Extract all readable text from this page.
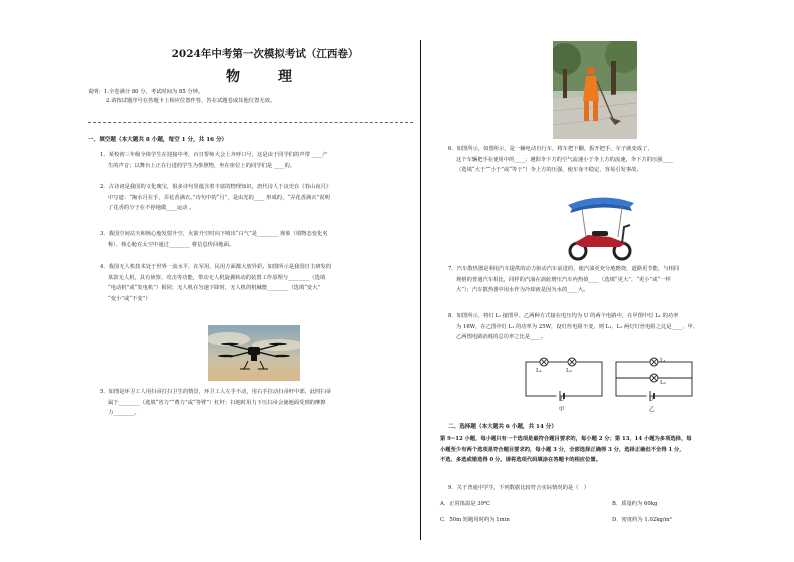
2024年中考第一次模拟考试（江西卷）
物　理
说明：1.全卷满分 80 分，考试时间为 85 分钟。
2.请按试题序号在答题卡上相应位置作答，答在试题卷或其他位置无效。
一、填空题（本大题共 8 小题，每空 1 分，共 16 分）
1．某校初三年级全体学生在迎接中考，百日誓师大会上齐呼口号，这是由于同学们的声带 ____产
生的声音；以舞台上正在行进的学生为参照物，坐在座位上的同学们是 ____的。
2．古诗词是我国的文化瑰宝，很多诗句里蕴含着丰富的物理知识，唐代诗人于良史在《春山夜月》
中写道：“掬水月在手，弄花香满衣。”诗句中的“月”，是由光的____ 形成的，“弄花香满衣”说明
了花香的分子在不停地做____运动 。
3．我国空间站天和核心舱发射升空，火箭升空时向下喷出“白气”是________ 现象（填物态变化名
称），核心舱在太空中通过________ 将信息传回地面。
4．我国无人机技术处于世界一流水平，在军用、民用方面都大放异彩。如图所示是我国自主研发的
某款无人机，具有侦察、攻击等功能，带动无人机旋翼转动的装置工作原理与________（选填
“电动机”或“发电机”）相同；无人机在匀速下降时，无人机的机械能________（选填“变大”
“变小”或“不变”）
5．如图是环卫工人用扫帚打扫卫生的情景，环卫工人左手不动，用右手拉动扫帚杆中部，此时扫帚
属于________（选填“省力”“费力”或“等臂”）杠杆；扫地时用力下压扫帚会使地面受到的摩擦
力________。
6．如图所示，如图所示，是一辆电动自行车，将车把下翻，扳开把手，车子就变成了，
这个车辆把手在使用中的____；遇阳伞下方的空气流速小于伞上方的流速，伞下方的压强____
（选填“大于”“小于”或“等于”）伞上方的压强，使车身不稳定，容易引发事故。
7．汽车散热器是利用汽车提供的动力驱动汽车前进的，使汽油更充分地燃烧，道路更节能，与相同
规格的普通汽车相比，同样的汽油在涡轮增压汽车内热值____（选填“更大”、“更小”或“一样
大”）；汽车散热器中用水作为冷却液是因为水的____大。
8．如图所示，将灯 L₁ 接图甲、乙两种方式接在电压均为 U 的两个电路中，在甲图中灯 L₁ 的功率
为 16W，在乙图中灯 L₁ 的功率为 25W，设灯丝电阻不变，则 L₁、L₂ 两灯灯丝电阻之比是____，甲、
乙两图电路消耗的总功率之比是____。
L₁	L₂
U
甲
L₁
L₂
U
乙
二、选择题（本大题共 6 小题，共 14 分）
第 9~12 小题，每小题只有一个选项是最符合题目要求的，每小题 2 分；第 13、14 小题为多项选择，每
小题至少有两个选项是符合题目要求的，每小题 3 分，全部选择正确得 3 分，选择正确但不全得 1 分，
不选、多选或错选得 0 分。请将选项代码填涂在答题卡的相应位置。
9．关于普通中学生，下列数据比较符合实际情况的是（　）
A．正常体温是 39℃	B．质量约为 60kg
C．50m 短跑用时约为 1min	D．密度约为 1.02kg/m³
